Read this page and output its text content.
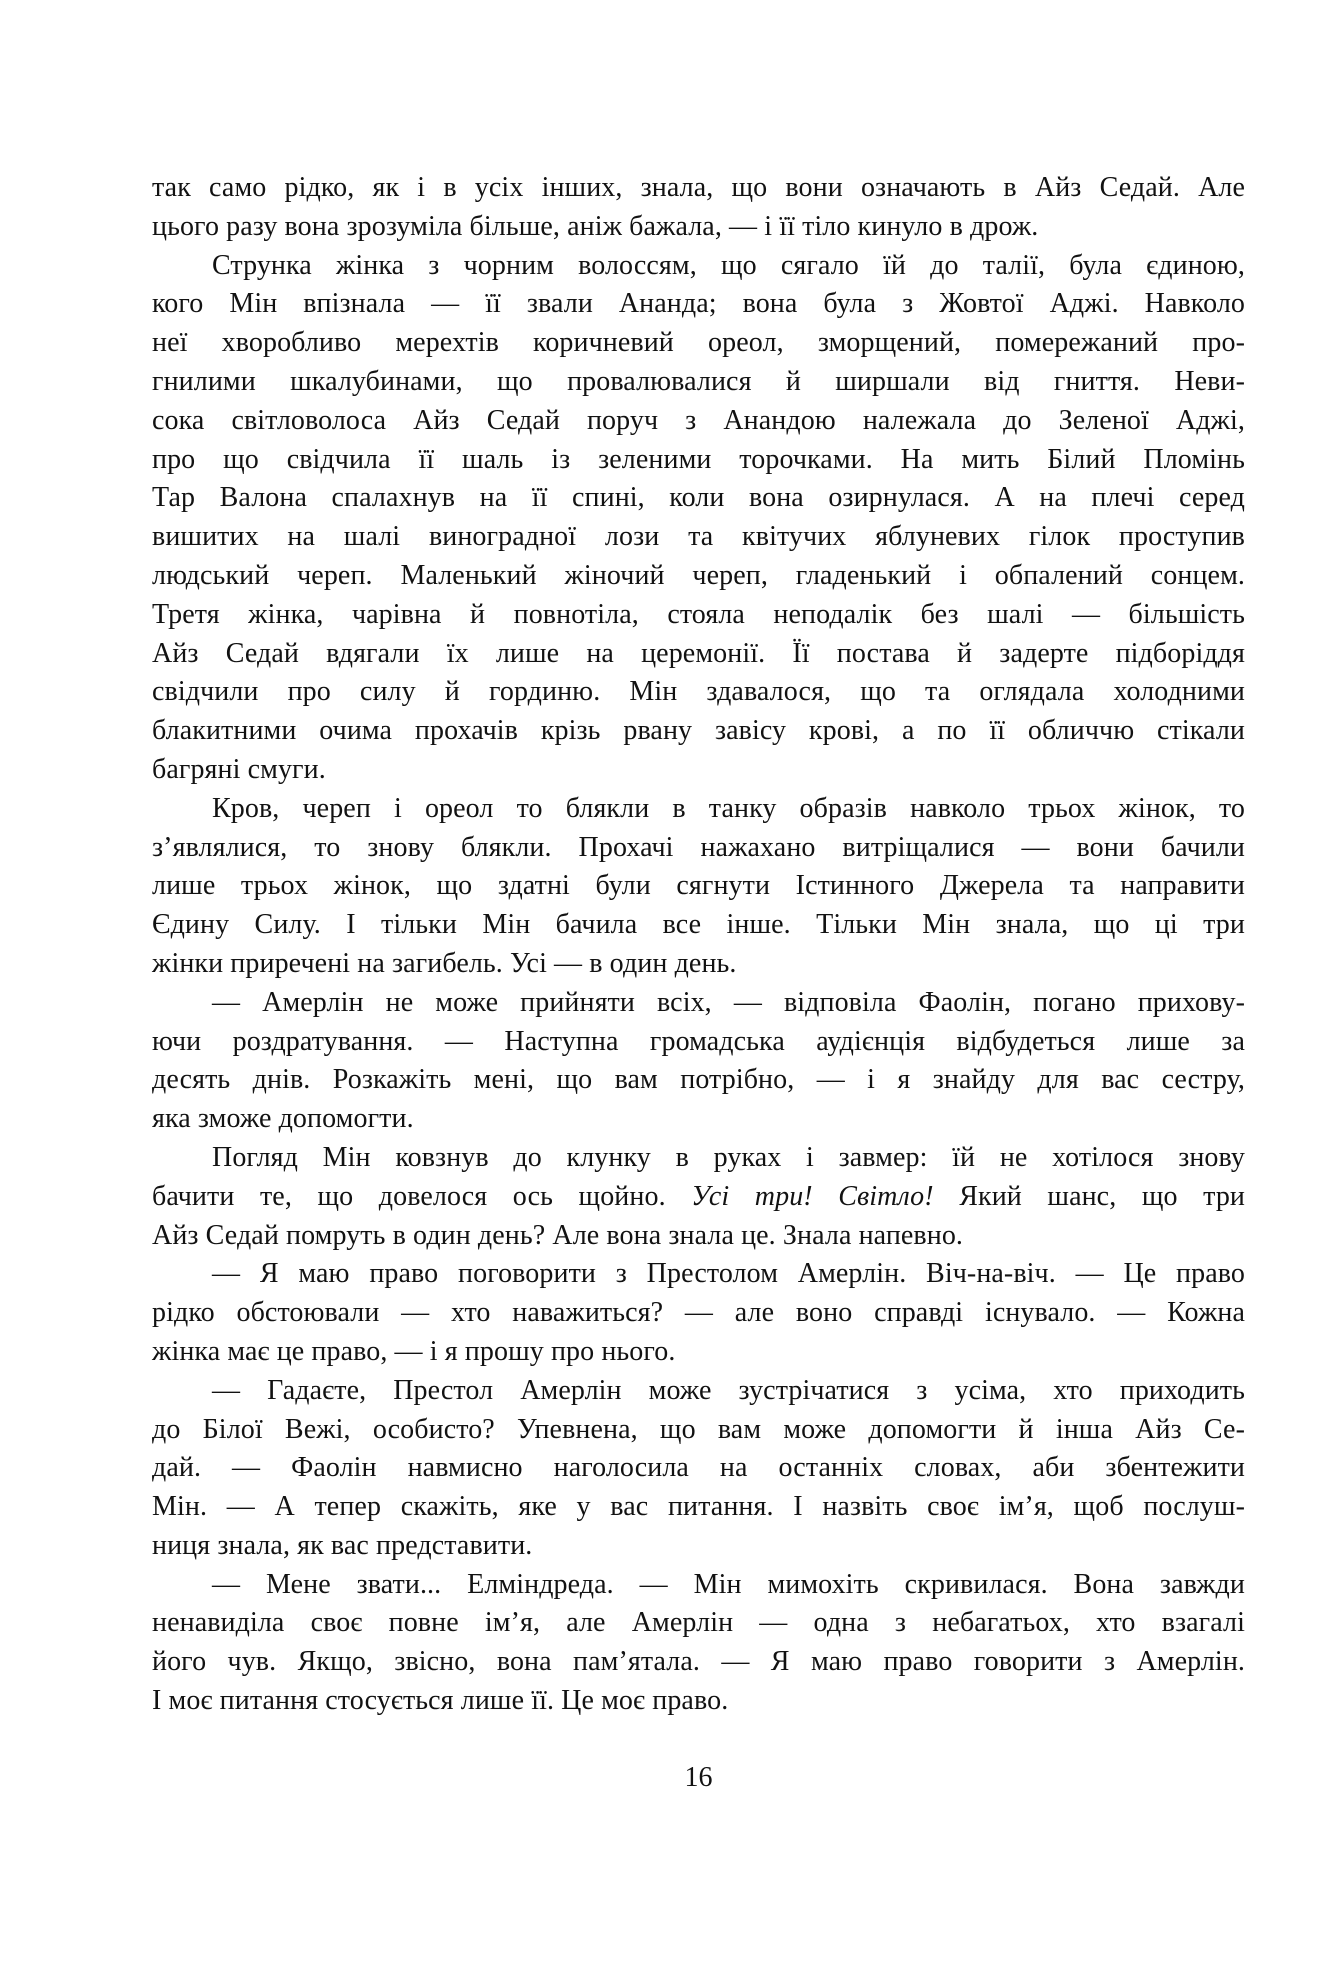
так само рідко, як і в усіх інших, знала, що вони означають в Айз Седай. Але
цього разу вона зрозуміла більше, аніж бажала, — і її тіло кинуло в дрож.
Струнка жінка з чорним волоссям, що сягало їй до талії, була єдиною,
кого Мін впізнала — її звали Ананда; вона була з Жовтої Аджі. Навколо
неї хворобливо мерехтів коричневий ореол, зморщений, помережаний про-
гнилими шкалубинами, що провалювалися й ширшали від гниття. Неви-
сока світловолоса Айз Седай поруч з Анандою належала до Зеленої Аджі,
про що свідчила її шаль із зеленими торочками. На мить Білий Пломінь
Тар Валона спалахнув на її спині, коли вона озирнулася. А на плечі серед
вишитих на шалі виноградної лози та квітучих яблуневих гілок проступив
людський череп. Маленький жіночий череп, гладенький і обпалений сонцем.
Третя жінка, чарівна й повнотіла, стояла неподалік без шалі — більшість
Айз Седай вдягали їх лише на церемонії. Її постава й задерте підборіддя
свідчили про силу й гординю. Мін здавалося, що та оглядала холодними
блакитними очима прохачів крізь рвану завісу крові, а по її обличчю стікали
багряні смуги.
Кров, череп і ореол то блякли в танку образів навколо трьох жінок, то
з’являлися, то знову блякли. Прохачі нажахано витріщалися — вони бачили
лише трьох жінок, що здатні були сягнути Істинного Джерела та направити
Єдину Силу. І тільки Мін бачила все інше. Тільки Мін знала, що ці три
жінки приречені на загибель. Усі — в один день.
— Амерлін не може прийняти всіх, — відповіла Фаолін, погано прихову-
ючи роздратування. — Наступна громадська аудієнція відбудеться лише за
десять днів. Розкажіть мені, що вам потрібно, — і я знайду для вас сестру,
яка зможе допомогти.
Погляд Мін ковзнув до клунку в руках і завмер: їй не хотілося знову
бачити те, що довелося ось щойно. Усі три! Світло! Який шанс, що три
Айз Седай помруть в один день? Але вона знала це. Знала напевно.
— Я маю право поговорити з Престолом Амерлін. Віч-на-віч. — Це право
рідко обстоювали — хто наважиться? — але воно справді існувало. — Кожна
жінка має це право, — і я прошу про нього.
— Гадаєте, Престол Амерлін може зустрічатися з усіма, хто приходить
до Білої Вежі, особисто? Упевнена, що вам може допомогти й інша Айз Се-
дай. — Фаолін навмисно наголосила на останніх словах, аби збентежити
Мін. — А тепер скажіть, яке у вас питання. І назвіть своє ім’я, щоб послуш-
ниця знала, як вас представити.
— Мене звати... Елміндреда. — Мін мимохіть скривилася. Вона завжди
ненавиділа своє повне ім’я, але Амерлін — одна з небагатьох, хто взагалі
його чув. Якщо, звісно, вона пам’ятала. — Я маю право говорити з Амерлін.
І моє питання стосується лише її. Це моє право.
16
